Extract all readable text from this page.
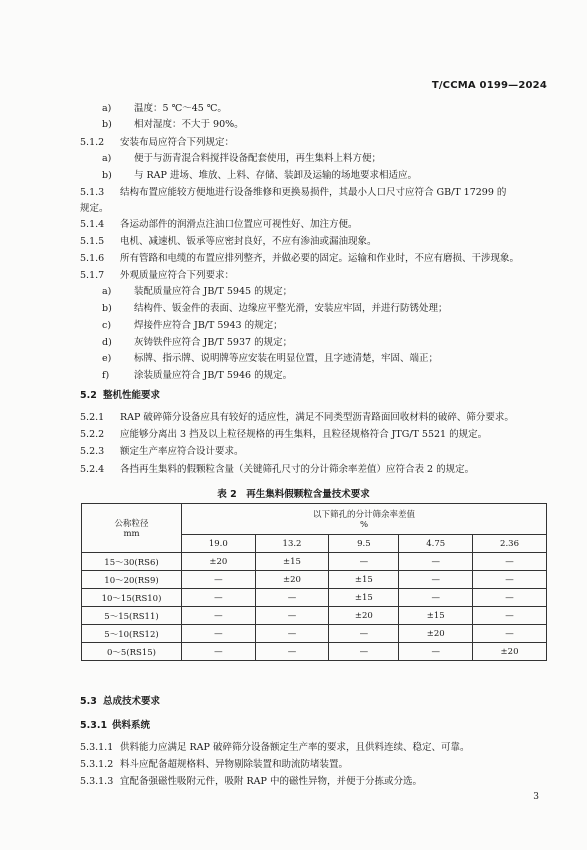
T/CCMA 0199—2024
a) 温度：5 ℃～45 ℃。
b) 相对湿度：不大于 90%。
5.1.2 安装布局应符合下列规定：
a) 便于与沥青混合料搅拌设备配套使用，再生集料上料方便；
b) 与 RAP 进场、堆放、上料、存储、装卸及运输的场地要求相适应。
5.1.3 结构布置应能较方便地进行设备维修和更换易损件，其最小人口尺寸应符合 GB/T 17299 的
规定。
5.1.4 各运动部件的润滑点注油口位置应可视性好、加注方便。
5.1.5 电机、减速机、钣承等应密封良好，不应有渗油或漏油现象。
5.1.6 所有管路和电缆的布置应排列整齐，并做必要的固定。运输和作业时，不应有磨损、干涉现象。
5.1.7 外观质量应符合下列要求：
a) 装配质量应符合 JB/T 5945 的规定；
b) 结构件、钣金件的表面、边缘应平整光滑，安装应牢固，并进行防锈处理；
c) 焊接件应符合 JB/T 5943 的规定；
d) 灰铸铁件应符合 JB/T 5937 的规定；
e) 标牌、指示牌、说明牌等应安装在明显位置，且字迹清楚，牢固、端正；
f)	涂装质量应符合 JB/T 5946 的规定。
5.2 整机性能要求
5.2.1 RAP 破碎筛分设备应具有较好的适应性，满足不同类型沥青路面回收材料的破碎、筛分要求。
5.2.2 应能够分离出 3 挡及以上粒径规格的再生集料，且粒径规格符合 JTG/T 5521 的规定。
5.2.3 额定生产率应符合设计要求。
5.2.4 各挡再生集料的假颗粒含量（关键筛孔尺寸的分计筛余率差值）应符合表 2 的规定。
表 2　再生集料假颗粒含量技术要求
公称粒径
mm	以下筛孔的分计筛余率差值
%				
	19.0	13.2	9.5	4.75	2.36
15～30(RS6)	±20	±15	—	—	—
10～20(RS9)	—	±20	±15	—	—
10～15(RS10)	—	—	±15	—	—
5～15(RS11)	—	—	±20	±15	—
5～10(RS12)	—	—	—	±20	—
0～5(RS15)	—	—	—	—	±20
5.3 总成技术要求
5.3.1 供料系统
5.3.1.1 供料能力应满足 RAP 破碎筛分设备额定生产率的要求，且供料连续、稳定、可靠。
5.3.1.2 料斗应配备超规格料、异物剔除装置和助流防堵装置。
5.3.1.3 宜配备强磁性吸附元件，吸附 RAP 中的磁性异物，并便于分拣或分选。
3
